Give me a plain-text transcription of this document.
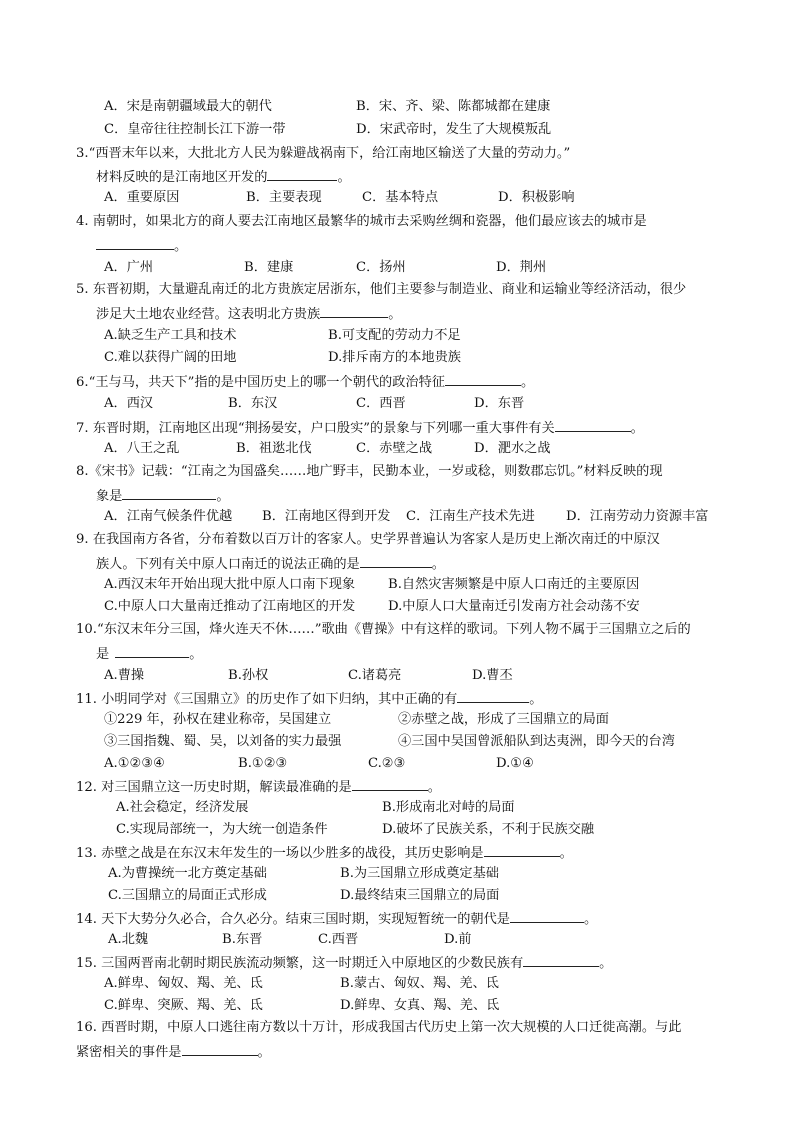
A．宋是南朝疆域最大的朝代	B．宋、齐、梁、陈都城都在建康
C．皇帝往往控制长江下游一带	D．宋武帝时，发生了大规模叛乱
3.“西晋末年以来，大批北方人民为躲避战祸南下，给江南地区输送了大量的劳动力。”
材料反映的是江南地区开发的	。
A．重要原因	B．主要表现	C．基本特点	D．积极影响
4. 南朝时，如果北方的商人要去江南地区最繁华的城市去采购丝绸和瓷器，他们最应该去的城市是
。
A．广州	B．建康	C．扬州	D．荆州
5. 东晋初期，大量避乱南迁的北方贵族定居浙东，他们主要参与制造业、商业和运输业等经济活动，很少
涉足大土地农业经营。这表明北方贵族	。
A.缺乏生产工具和技术	B.可支配的劳动力不足
C.难以获得广阔的田地	D.排斥南方的本地贵族
6.“王与马，共天下”指的是中国历史上的哪一个朝代的政治特征	。
A．西汉	B．东汉	C．西晋	D．东晋
7. 东晋时期，江南地区出现“荆扬晏安，户口殷实”的景象与下列哪一重大事件有关	。
A．八王之乱	B．祖逖北伐	C．赤壁之战	D．淝水之战
8.《宋书》记载：“江南之为国盛矣……地广野丰，民勤本业，一岁或稔，则数郡忘饥。”材料反映的现
象是	。
A．江南气候条件优越 B．江南地区得到开发 C．江南生产技术先进 D．江南劳动力资源丰富
9. 在我国南方各省，分布着数以百万计的客家人。史学界普遍认为客家人是历史上渐次南迁的中原汉
族人。下列有关中原人口南迁的说法正确的是	。
A.西汉末年开始出现大批中原人口南下现象 B.自然灾害频繁是中原人口南迁的主要原因
C.中原人口大量南迁推动了江南地区的开发 D.中原人口大量南迁引发南方社会动荡不安
10.“东汉末年分三国，烽火连天不休……”歌曲《曹操》中有这样的歌词。下列人物不属于三国鼎立之后的
是	。
A.曹操	B.孙权	C.诸葛亮	D.曹丕
11. 小明同学对《三国鼎立》的历史作了如下归纳，其中正确的有	。
①229 年，孙权在建业称帝，吴国建立	②赤壁之战，形成了三国鼎立的局面
③三国指魏、蜀、吴，以刘备的实力最强	④三国中吴国曾派船队到达夷洲，即今天的台湾
A.①②③④	B.①②③	C.②③	D.①④
12. 对三国鼎立这一历史时期，解读最准确的是	。
A.社会稳定，经济发展	B.形成南北对峙的局面
C.实现局部统一，为大统一创造条件	D.破坏了民族关系，不利于民族交融
13. 赤壁之战是在东汉末年发生的一场以少胜多的战役，其历史影响是	。
A.为曹操统一北方奠定基础	B.为三国鼎立形成奠定基础
C.三国鼎立的局面正式形成	D.最终结束三国鼎立的局面
14. 天下大势分久必合，合久必分。结束三国时期，实现短暂统一的朝代是	。
A.北魏	B.东晋	C.西晋	D.前
15. 三国两晋南北朝时期民族流动频繁，这一时期迁入中原地区的少数民族有	。
A.鲜卑、匈奴、羯、羌、氐	B.蒙古、匈奴、羯、羌、氐
C.鲜卑、突厥、羯、羌、氐	D.鲜卑、女真、羯、羌、氐
16. 西晋时期，中原人口逃往南方数以十万计，形成我国古代历史上第一次大规模的人口迁徙高潮。与此
紧密相关的事件是	。
